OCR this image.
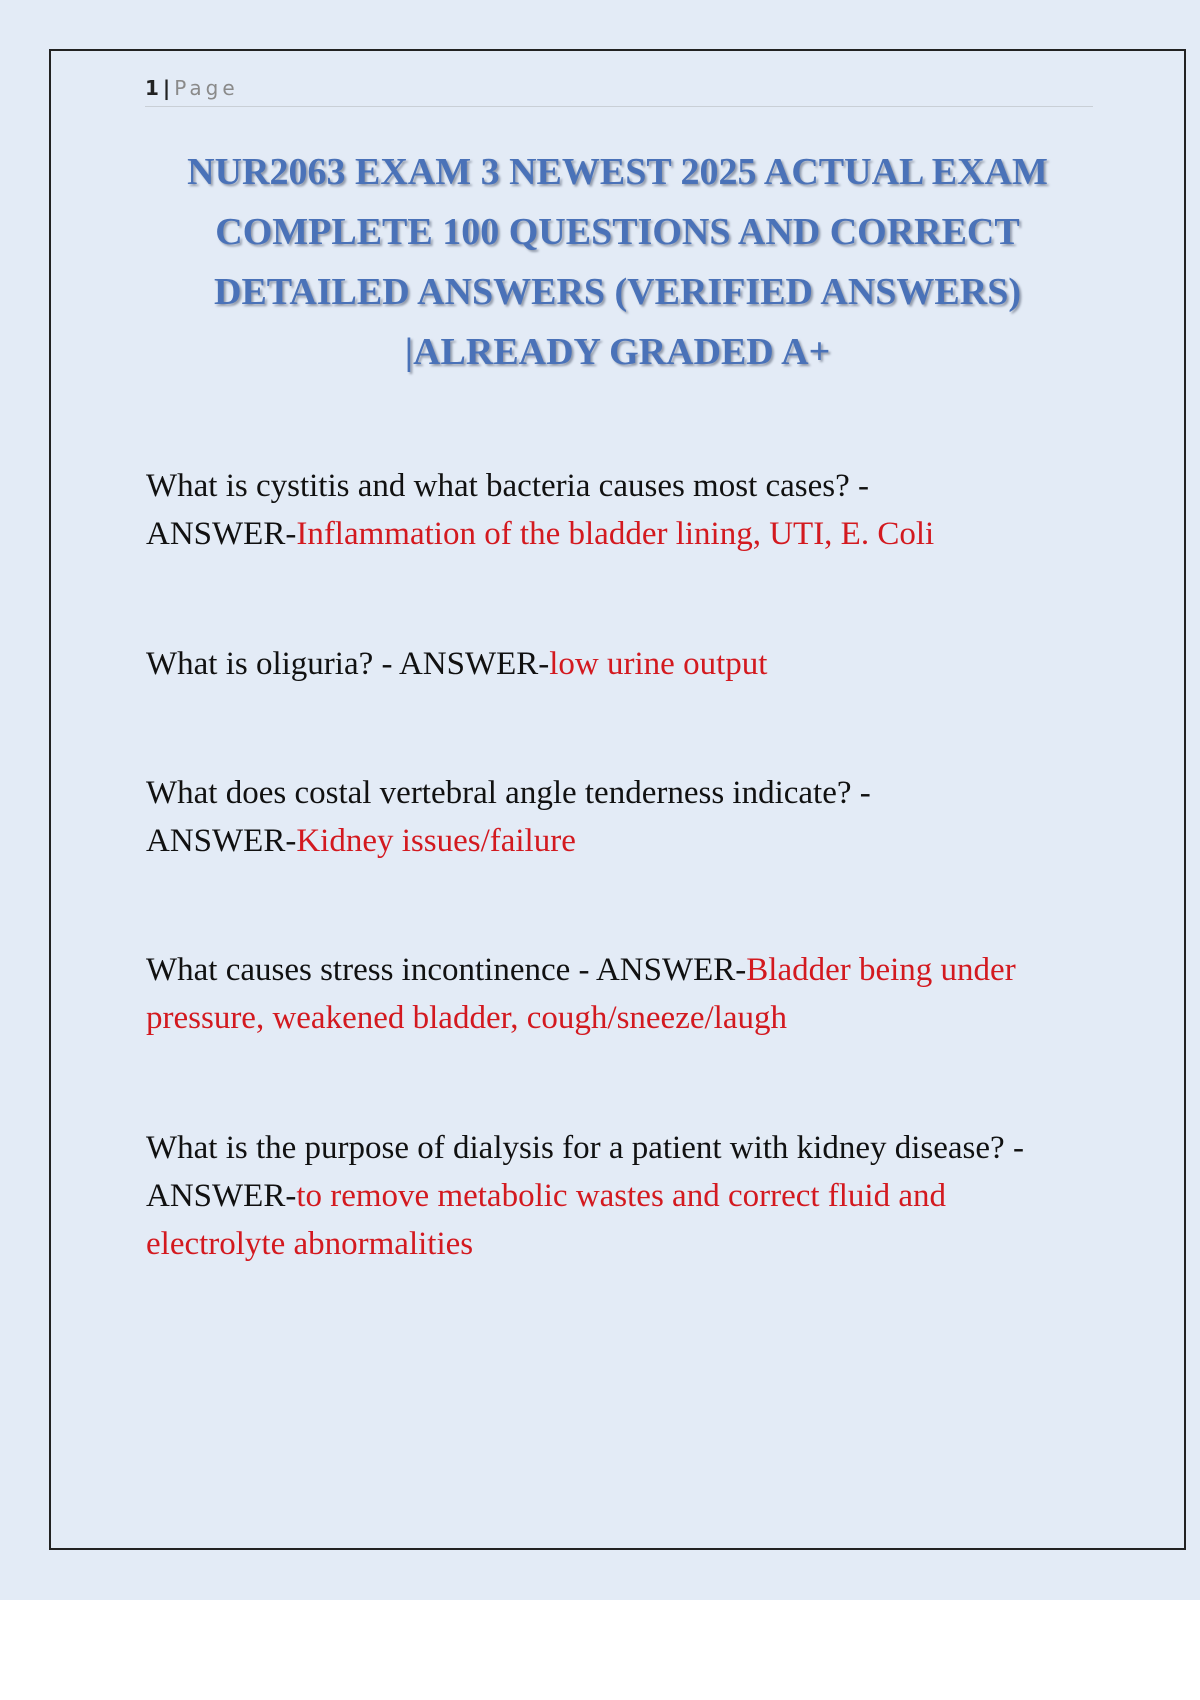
1 | Page
NUR2063 EXAM 3 NEWEST 2025 ACTUAL EXAM
COMPLETE 100 QUESTIONS AND CORRECT
DETAILED ANSWERS (VERIFIED ANSWERS)
|ALREADY GRADED A+
What is cystitis and what bacteria causes most cases? -
ANSWER-Inflammation of the bladder lining, UTI, E. Coli
What is oliguria? - ANSWER-low urine output
What does costal vertebral angle tenderness indicate? -
ANSWER-Kidney issues/failure
What causes stress incontinence - ANSWER-Bladder being under pressure, weakened bladder, cough/sneeze/laugh
What is the purpose of dialysis for a patient with kidney disease? - ANSWER-to remove metabolic wastes and correct fluid and electrolyte abnormalities
